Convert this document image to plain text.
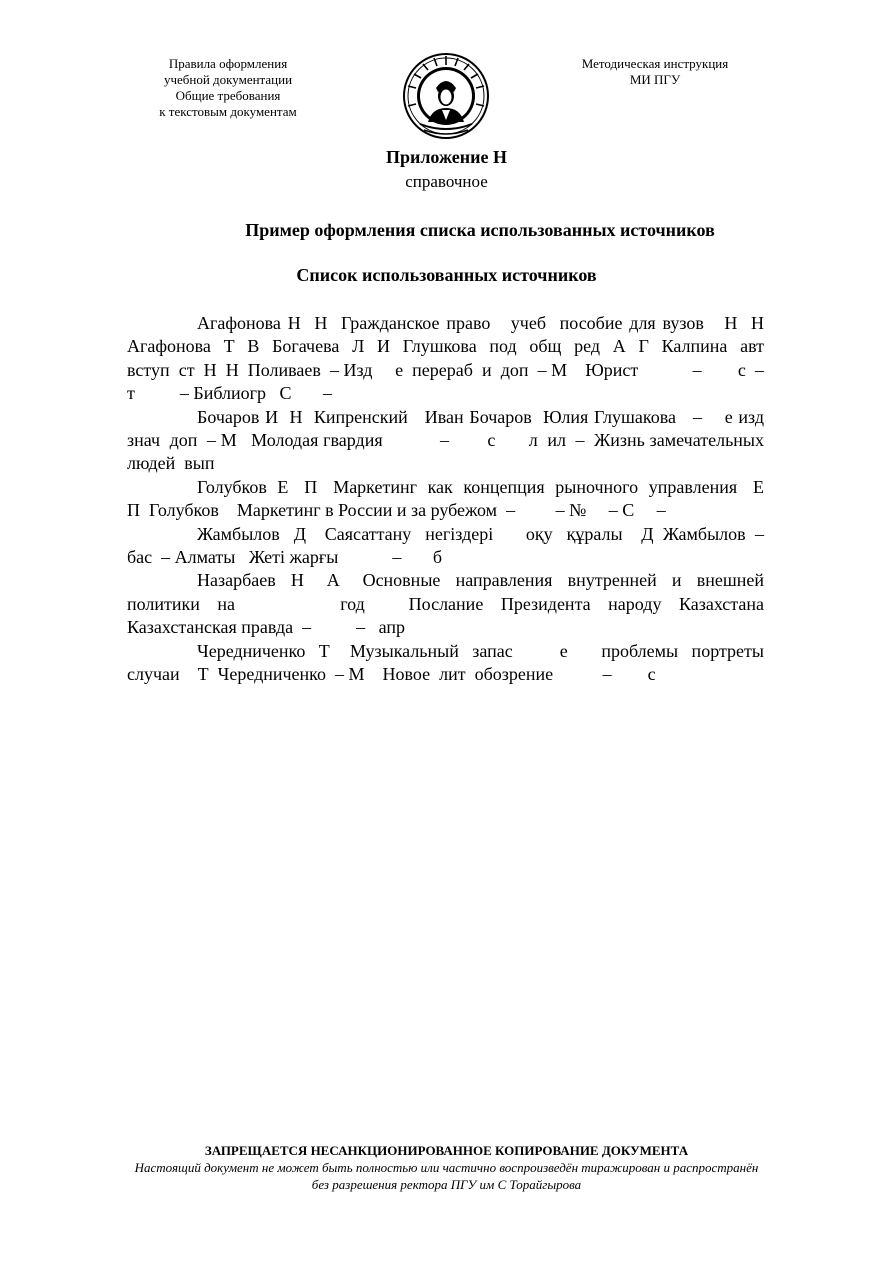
Правила оформления
учебной документации
Общие требования
к текстовым документам
Методическая инструкция
МИ ПГУ
Приложение Н
справочное
Пример оформления списка использованных источников
Список использованных источников

Агафонова Н  Н  Гражданское право   учеб  пособие для вузов   Н  Н  Агафонова  Т  В  Богачева  Л  И  Глушкова  под  общ  ред  А  Г  Калпина  авт  вступ  ст  Н  Н  Поливаев  – Изд     е  перераб  и  доп  – М    Юрист            –        с  –                    т          – Библиогр   С       –

Бочаров И  Н  Кипренский   Иван Бочаров  Юлия Глушакова   –    е изд  знач  доп  – М   Молодая гвардия            –        с       л  ил  –  Жизнь замечательных людей  вып

Голубков  Е   П   Маркетинг  как  концепция  рыночного  управления   Е  П  Голубков    Маркетинг в России и за рубежом  –         – №     – С     –

Жамбылов   Д    Саясаттану   негіздері       оқу   құралы    Д  Жамбылов  –   бас  – Алматы   Жеті жарғы            –       б

Назарбаев  Н   А   Основные  направления  внутренней  и  внешней  политики  на            год     Послание  Президента  народу  Казахстана    Казахстанская правда  –          –   апр

Чередниченко  Т   Музыкальный  запас       е     проблемы  портреты  случаи    Т  Чередниченко  – М    Новое  лит  обозрение           –        с

ЗАПРЕЩАЕТСЯ НЕСАНКЦИОНИРОВАННОЕ КОПИРОВАНИЕ ДОКУМЕНТА
Настоящий документ не может быть полностью или частично воспроизведён тиражирован и распространён без разрешения ректора ПГУ им С Торайгырова
